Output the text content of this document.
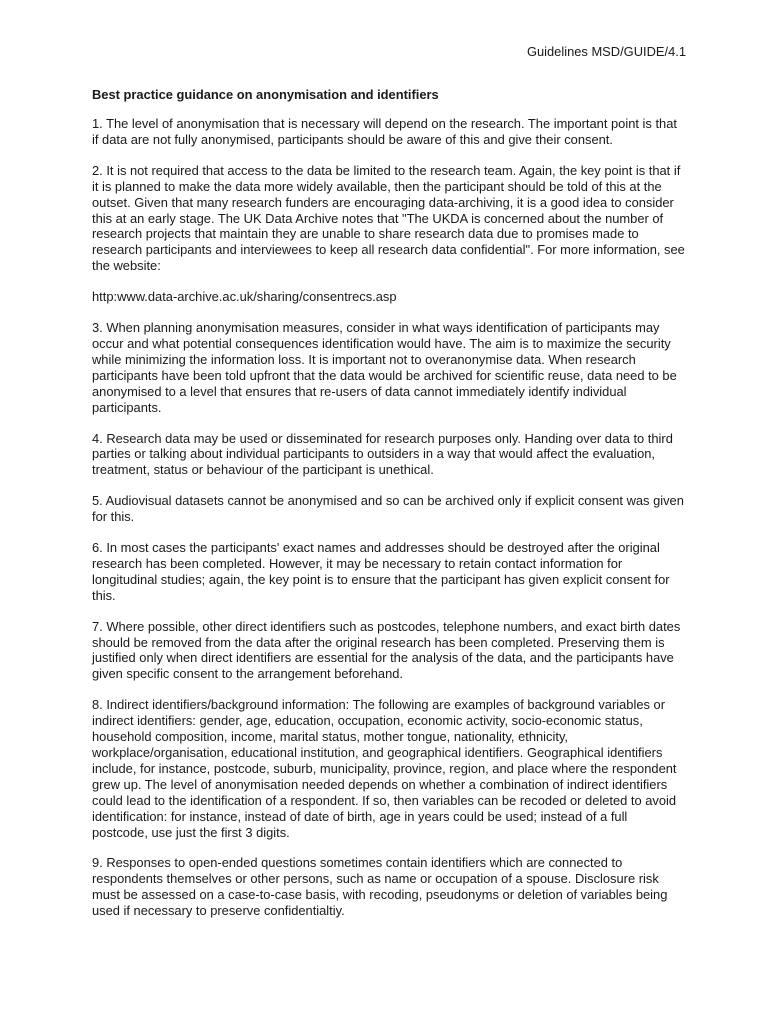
Guidelines MSD/GUIDE/4.1
Best practice guidance on anonymisation and identifiers

1. The level of anonymisation that is necessary will depend on the research. The important point is that if data are not fully anonymised, participants should be aware of this and give their consent.

2. It is not required that access to the data be limited to the research team. Again, the key point is that if it is planned to make the data more widely available, then the participant should be told of this at the outset. Given that many research funders are encouraging data-archiving, it is a good idea to consider this at an early stage. The UK Data Archive notes that "The UKDA is concerned about the number of research projects that maintain they are unable to share research data due to promises made to research participants and interviewees to keep all research data confidential". For more information, see the website:

http:www.data-archive.ac.uk/sharing/consentrecs.asp

3. When planning anonymisation measures, consider in what ways identification of participants may occur and what potential consequences identification would have. The aim is to maximize the security while minimizing the information loss. It is important not to overanonymise data. When research participants have been told upfront that the data would be archived for scientific reuse, data need to be anonymised to a level that ensures that re-users of data cannot immediately identify individual participants.

4. Research data may be used or disseminated for research purposes only. Handing over data to third parties or talking about individual participants to outsiders in a way that would affect the evaluation, treatment, status or behaviour of the participant is unethical.

5. Audiovisual datasets cannot be anonymised and so can be archived only if explicit consent was given for this.

6. In most cases the participants' exact names and addresses should be destroyed after the original research has been completed. However, it may be necessary to retain contact information for longitudinal studies; again, the key point is to ensure that the participant has given explicit consent for this.

7. Where possible, other direct identifiers such as postcodes, telephone numbers, and exact birth dates should be removed from the data after the original research has been completed. Preserving them is justified only when direct identifiers are essential for the analysis of the data, and the participants have given specific consent to the arrangement beforehand.

8. Indirect identifiers/background information: The following are examples of background variables or indirect identifiers: gender, age, education, occupation, economic activity, socio-economic status, household composition, income, marital status, mother tongue, nationality, ethnicity, workplace/organisation, educational institution, and geographical identifiers. Geographical identifiers include, for instance, postcode, suburb, municipality, province, region, and place where the respondent grew up. The level of anonymisation needed depends on whether a combination of indirect identifiers could lead to the identification of a respondent. If so, then variables can be recoded or deleted to avoid identification: for instance, instead of date of birth, age in years could be used; instead of a full postcode, use just the first 3 digits.

9. Responses to open-ended questions sometimes contain identifiers which are connected to respondents themselves or other persons, such as name or occupation of a spouse. Disclosure risk must be assessed on a case-to-case basis, with recoding, pseudonyms or deletion of variables being used if necessary to preserve confidentialtiy.
